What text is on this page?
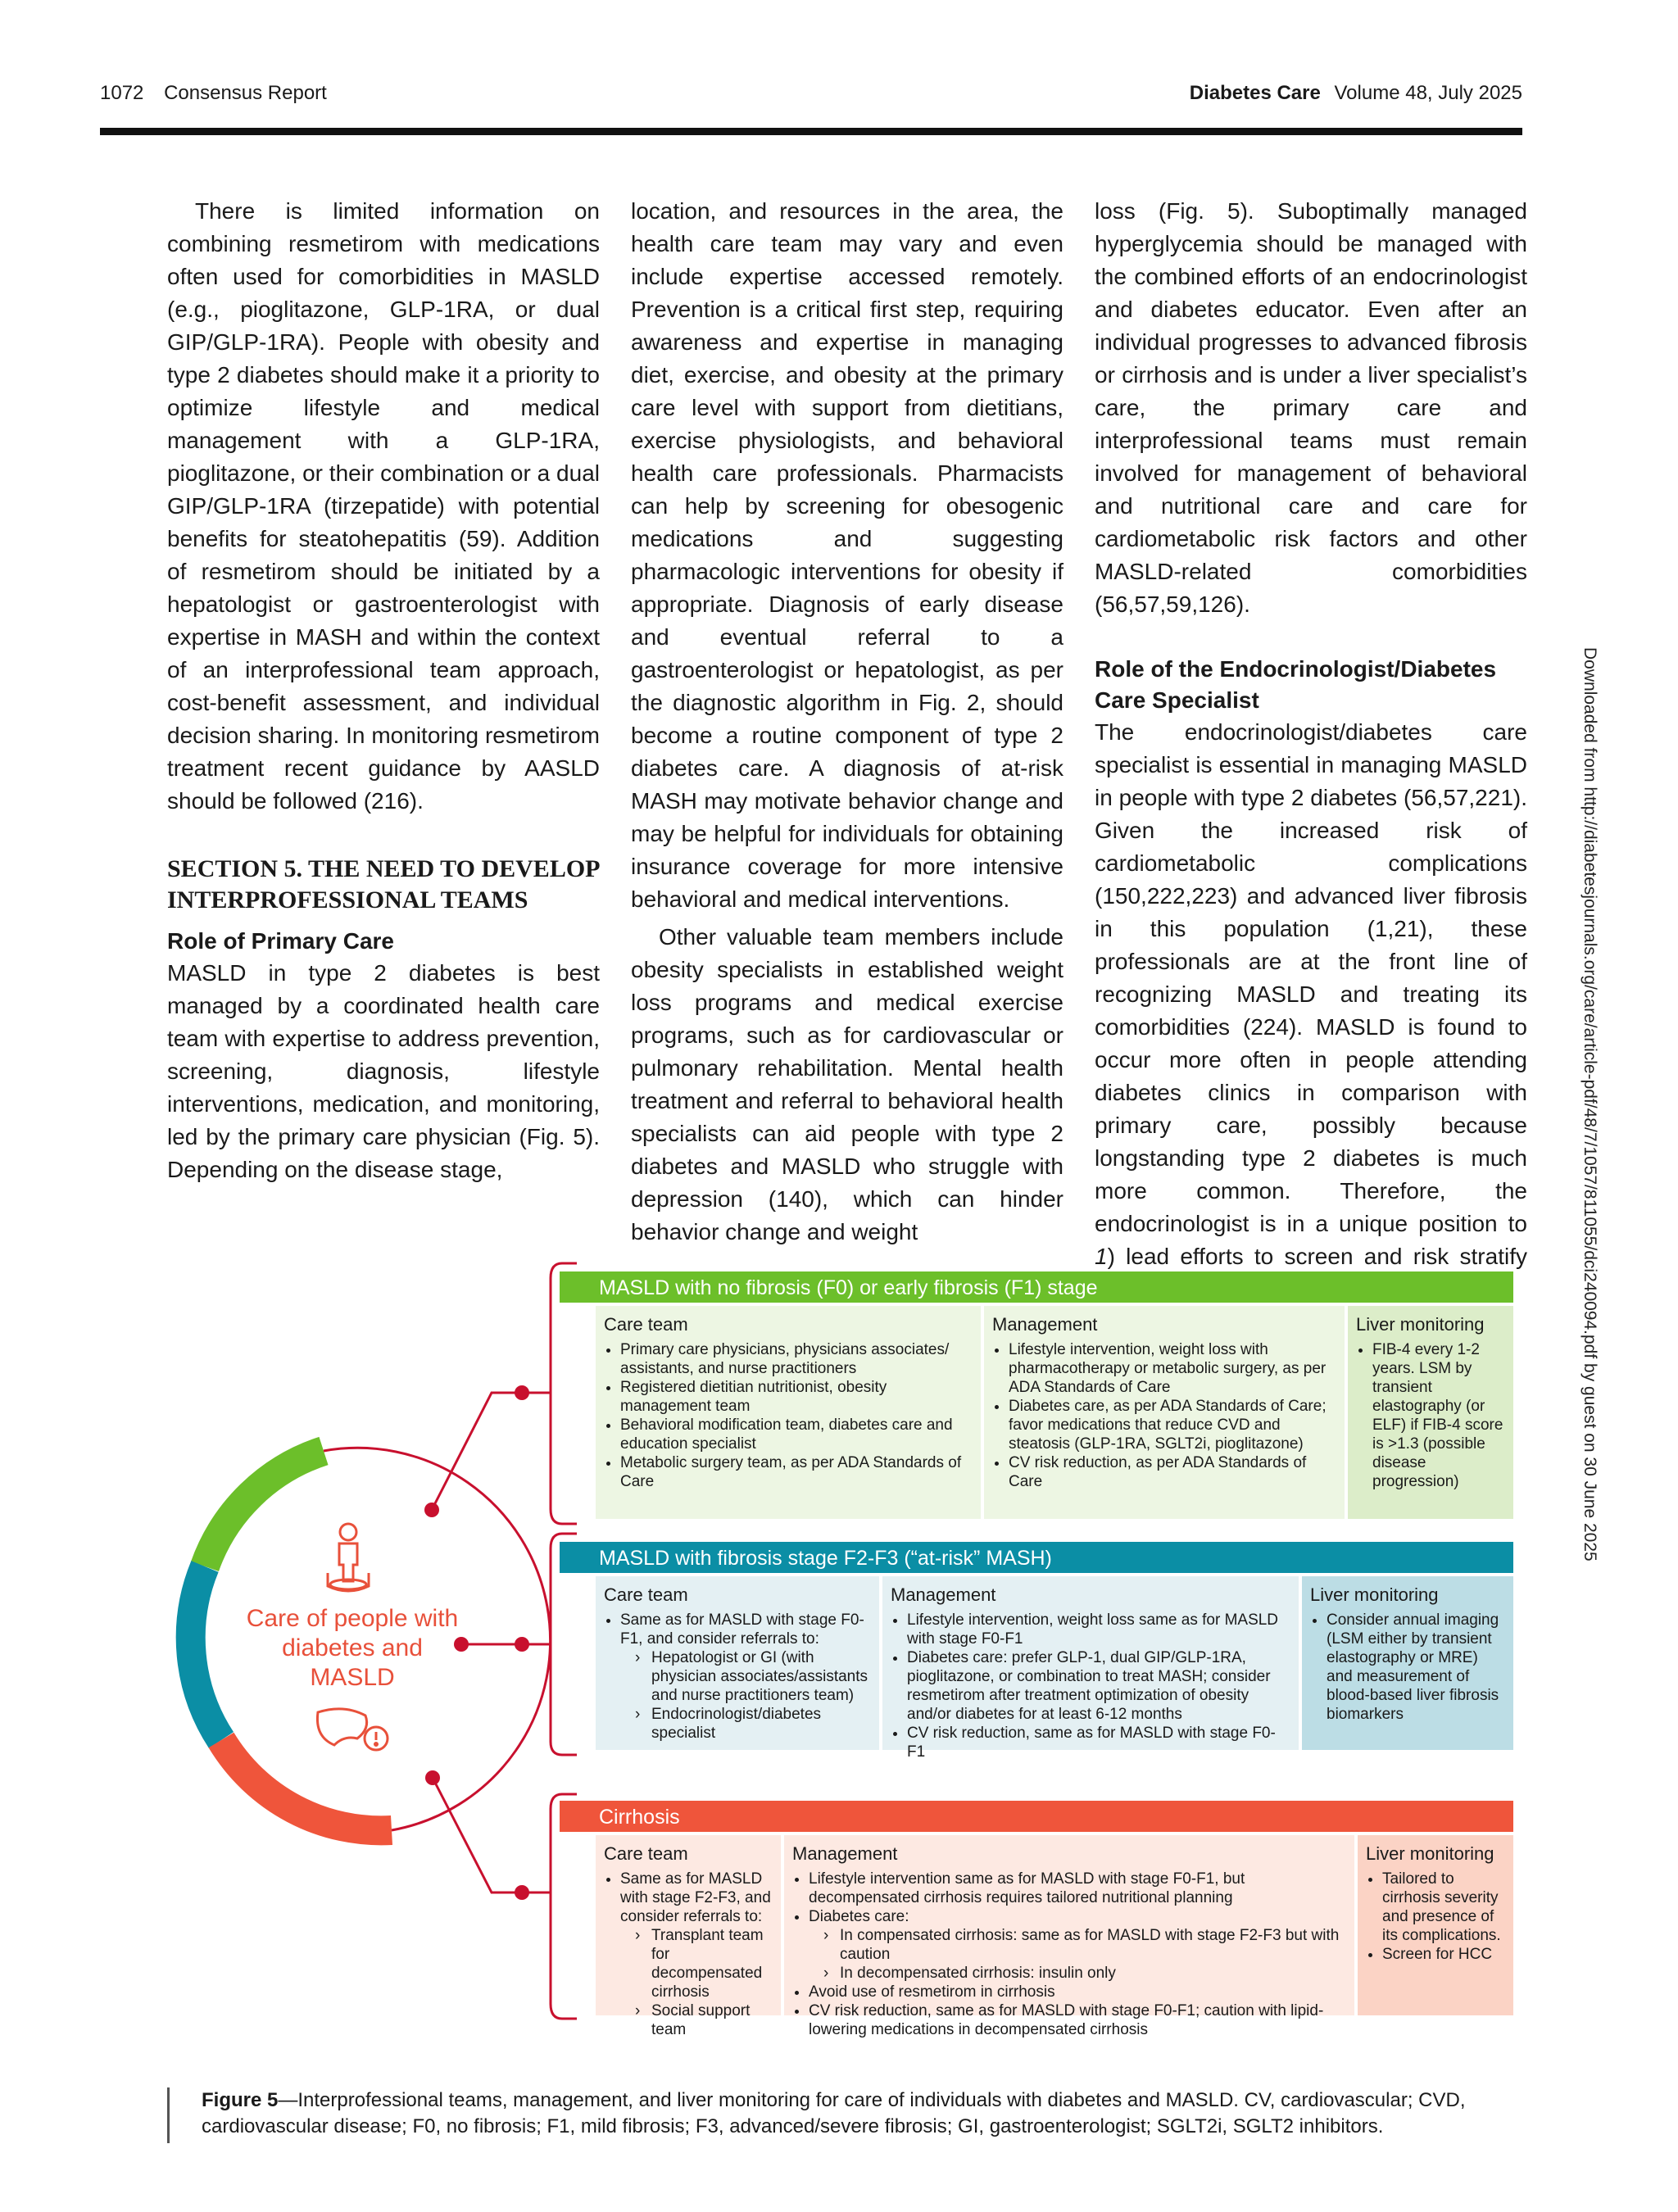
1072 Consensus Report	Diabetes Care Volume 48, July 2025

There is limited information on combining resmetirom with medications often used for comorbidities in MASLD (e.g., pioglitazone, GLP-1RA, or dual GIP/GLP-1RA). People with obesity and type 2 diabetes should make it a priority to optimize lifestyle and medical management with a GLP-1RA, pioglitazone, or their combination or a dual GIP/GLP-1RA (tirzepatide) with potential benefits for steatohepatitis (59). Addition of resmetirom should be initiated by a hepatologist or gastroenterologist with expertise in MASH and within the context of an interprofessional team approach, cost-benefit assessment, and individual decision sharing. In monitoring resmetirom treatment recent guidance by AASLD should be followed (216).

SECTION 5. THE NEED TO DEVELOP INTERPROFESSIONAL TEAMS
Role of Primary Care

MASLD in type 2 diabetes is best managed by a coordinated health care team with expertise to address prevention, screening, diagnosis, lifestyle interventions, medication, and monitoring, led by the primary care physician (Fig. 5). Depending on the disease stage,

location, and resources in the area, the health care team may vary and even include expertise accessed remotely. Prevention is a critical first step, requiring awareness and expertise in managing diet, exercise, and obesity at the primary care level with support from dietitians, exercise physiologists, and behavioral health care professionals. Pharmacists can help by screening for obesogenic medications and suggesting pharmacologic interventions for obesity if appropriate. Diagnosis of early disease and eventual referral to a gastroenterologist or hepatologist, as per the diagnostic algorithm in Fig. 2, should become a routine component of type 2 diabetes care. A diagnosis of at-risk MASH may motivate behavior change and may be helpful for individuals for obtaining insurance coverage for more intensive behavioral and medical interventions.

Other valuable team members include obesity specialists in established weight loss programs and medical exercise programs, such as for cardiovascular or pulmonary rehabilitation. Mental health treatment and referral to behavioral health specialists can aid people with type 2 diabetes and MASLD who struggle with depression (140), which can hinder behavior change and weight

loss (Fig. 5). Suboptimally managed hyperglycemia should be managed with the combined efforts of an endocrinologist and diabetes educator. Even after an individual progresses to advanced fibrosis or cirrhosis and is under a liver specialist’s care, the primary care and interprofessional teams must remain involved for management of behavioral and nutritional care and care for cardiometabolic risk factors and other MASLD-related comorbidities (56,57,59,126).

Role of the Endocrinologist/Diabetes Care Specialist

The endocrinologist/diabetes care specialist is essential in managing MASLD in people with type 2 diabetes (56,57,221). Given the increased risk of cardiometabolic complications (150,222,223) and advanced liver fibrosis in this population (1,21), these professionals are at the front line of recognizing MASLD and treating its comorbidities (224). MASLD is found to occur more often in people attending diabetes clinics in comparison with primary care, possibly because longstanding type 2 diabetes is much more common. Therefore, the endocrinologist is in a unique position to 1) lead efforts to screen and risk stratify	Downloaded from http://diabetesjournals.org/care/article-pdf/48/7/1057/811055/dci240094.pdf by guest on 30 June 2025
Care of people with diabetes and MASLD
MASLD with no fibrosis (F0) or early fibrosis (F1) stage
Care team
• Primary care physicians, physicians associates/ assistants, and nurse practitioners
• Registered dietitian nutritionist, obesity management team
• Behavioral modification team, diabetes care and education specialist
• Metabolic surgery team, as per ADA Standards of Care
Management
• Lifestyle intervention, weight loss with pharmacotherapy or metabolic surgery, as per ADA Standards of Care
• Diabetes care, as per ADA Standards of Care; favor medications that reduce CVD and steatosis (GLP-1RA, SGLT2i, pioglitazone)
• CV risk reduction, as per ADA Standards of Care
Liver monitoring
• FIB-4 every 1-2 years. LSM by transient elastography (or ELF) if FIB-4 score is >1.3 (possible disease progression)
MASLD with fibrosis stage F2-F3 (“at-risk” MASH)
Care team
• Same as for MASLD with stage F0-F1, and consider referrals to:
› Hepatologist or GI (with physician associates/assistants and nurse practitioners team)
› Endocrinologist/diabetes specialist
Management
• Lifestyle intervention, weight loss same as for MASLD with stage F0-F1
• Diabetes care: prefer GLP-1, dual GIP/GLP-1RA, pioglitazone, or combination to treat MASH; consider resmetirom after treatment optimization of obesity and/or diabetes for at least 6-12 months
• CV risk reduction, same as for MASLD with stage F0-F1
Liver monitoring
• Consider annual imaging (LSM either by transient elastography or MRE) and measurement of blood-based liver fibrosis biomarkers
Cirrhosis
Care team
• Same as for MASLD with stage F2-F3, and consider referrals to:
› Transplant team for decompensated cirrhosis
› Social support team
Management
• Lifestyle intervention same as for MASLD with stage F0-F1, but decompensated cirrhosis requires tailored nutritional planning
• Diabetes care:
› In compensated cirrhosis: same as for MASLD with stage F2-F3 but with caution
› In decompensated cirrhosis: insulin only
• Avoid use of resmetirom in cirrhosis
• CV risk reduction, same as for MASLD with stage F0-F1; caution with lipid-lowering medications in decompensated cirrhosis
Liver monitoring
• Tailored to cirrhosis severity and presence of its complications.
• Screen for HCC
Figure 5—Interprofessional teams, management, and liver monitoring for care of individuals with diabetes and MASLD. CV, cardiovascular; CVD, cardiovascular disease; F0, no fibrosis; F1, mild fibrosis; F3, advanced/severe fibrosis; GI, gastroenterologist; SGLT2i, SGLT2 inhibitors.
